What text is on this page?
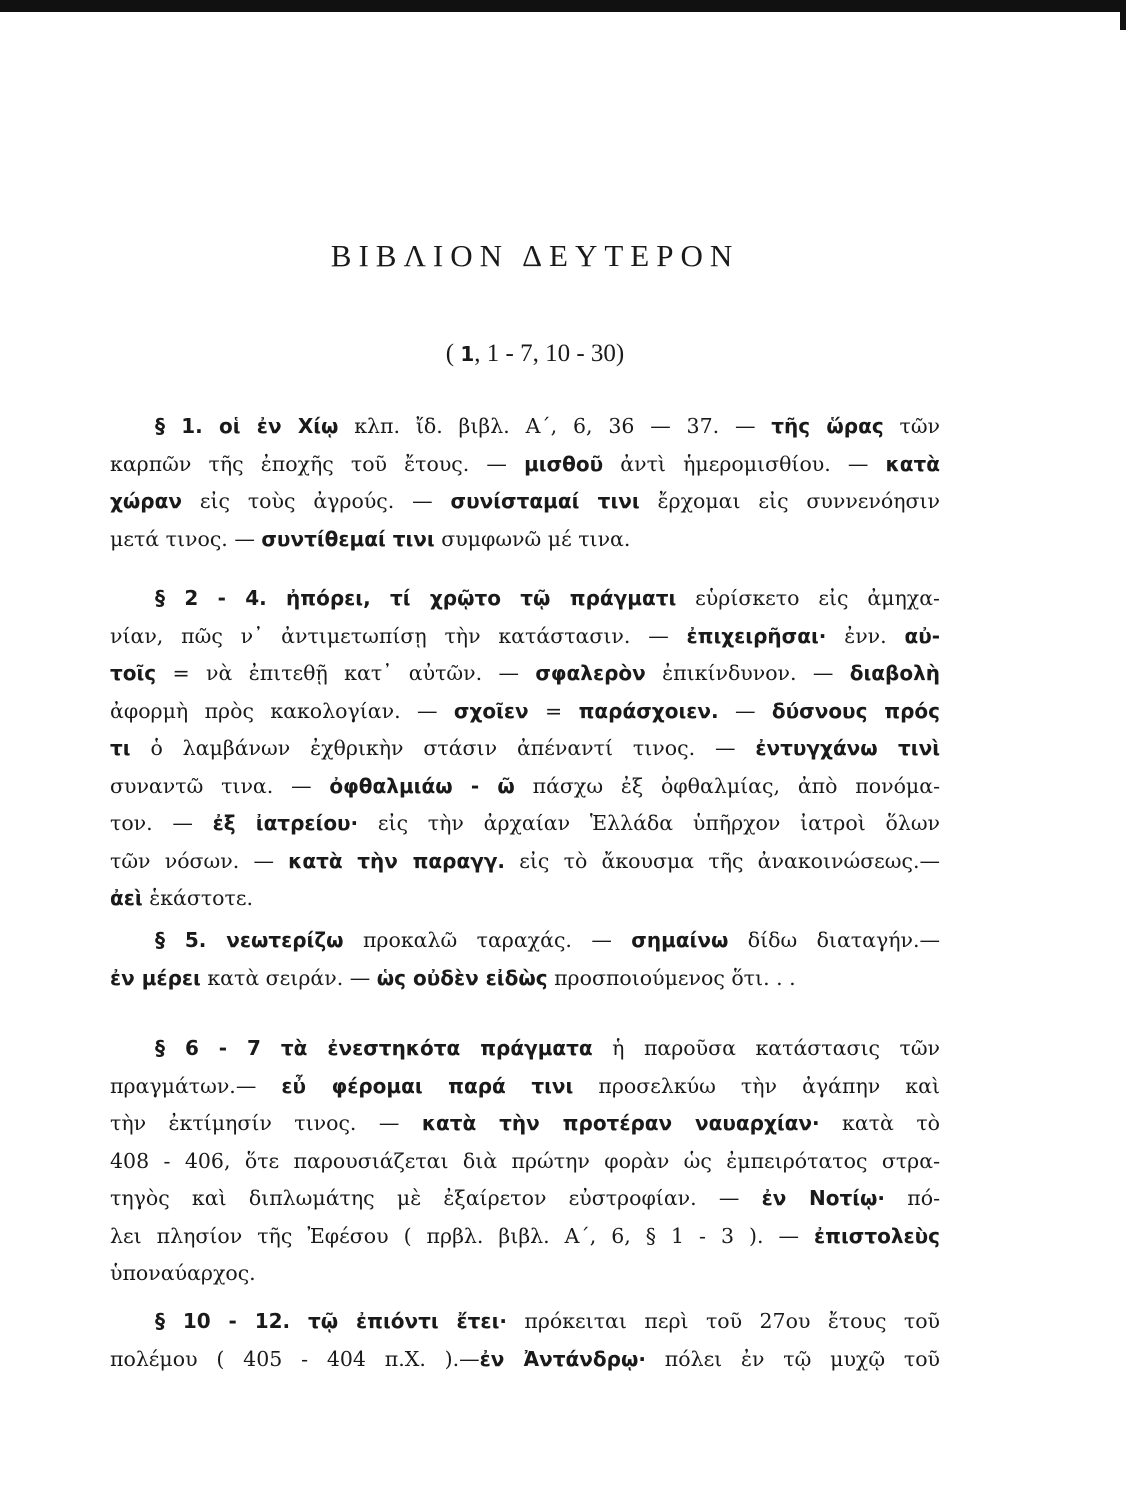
ΒΙΒΛΙΟΝ ΔΕΥΤΕΡΟΝ
( 1, 1 - 7, 10 - 30)
§ 1. οἱ ἐν Χίῳ κλπ. ἴδ. βιβλ. Α΄, 6, 36 — 37. — τῆς ὥρας τῶν
καρπῶν τῆς ἐποχῆς τοῦ ἔτους. — μισθοῦ ἀντὶ ἡμερομισθίου. — κατὰ
χώραν εἰς τοὺς ἀγρούς. — συνίσταμαί τινι ἔρχομαι εἰς συννενόησιν
μετά τινος. — συντίθεμαί τινι συμφωνῶ μέ τινα.
§ 2 - 4. ἠπόρει, τί χρῷτο τῷ πράγματι εὑρίσκετο εἰς ἀμηχα-
νίαν, πῶς ν᾽ ἀντιμετωπίσῃ τὴν κατάστασιν. — ἐπιχειρῆσαι· ἐνν. αὐ-
τοῖς = νὰ ἐπιτεθῇ κατ᾽ αὐτῶν. — σφαλερὸν ἐπικίνδυνον. — διαβολὴ
ἀφορμὴ πρὸς κακολογίαν. — σχοῖεν = παράσχοιεν. — δύσνους πρός
τι ὁ λαμβάνων ἐχθρικὴν στάσιν ἀπέναντί τινος. — ἐντυγχάνω τινὶ
συναντῶ τινα. — ὀφθαλμιάω - ῶ πάσχω ἐξ ὀφθαλμίας, ἀπὸ πονόμα-
τον. — ἐξ ἰατρείου· εἰς τὴν ἀρχαίαν Ἑλλάδα ὑπῆρχον ἰατροὶ ὅλων
τῶν νόσων. — κατὰ τὴν παραγγ. εἰς τὸ ἄκουσμα τῆς ἀνακοινώσεως.—
ἀεὶ ἑκάστοτε.
§ 5. νεωτερίζω προκαλῶ ταραχάς. — σημαίνω δίδω διαταγήν.—
ἐν μέρει κατὰ σειράν. — ὡς οὐδὲν εἰδὼς προσποιούμενος ὅτι. . .
§ 6 - 7 τὰ ἐνεστηκότα πράγματα ἡ παροῦσα κατάστασις τῶν
πραγμάτων.— εὖ φέρομαι παρά τινι προσελκύω τὴν ἀγάπην καὶ
τὴν ἐκτίμησίν τινος. — κατὰ τὴν προτέραν ναυαρχίαν· κατὰ τὸ
408 - 406, ὅτε παρουσιάζεται διὰ πρώτην φορὰν ὡς ἐμπειρότατος στρα-
τηγὸς καὶ διπλωμάτης μὲ ἐξαίρετον εὐστροφίαν. — ἐν Νοτίῳ· πό-
λει πλησίον τῆς Ἐφέσου ( πρβλ. βιβλ. Α΄, 6, § 1 - 3 ). — ἐπιστολεὺς
ὑποναύαρχος.
§ 10 - 12. τῷ ἐπιόντι ἔτει· πρόκειται περὶ τοῦ 27ου ἔτους τοῦ
πολέμου ( 405 - 404 π.Χ. ).—ἐν Ἀντάνδρῳ· πόλει ἐν τῷ μυχῷ τοῦ
